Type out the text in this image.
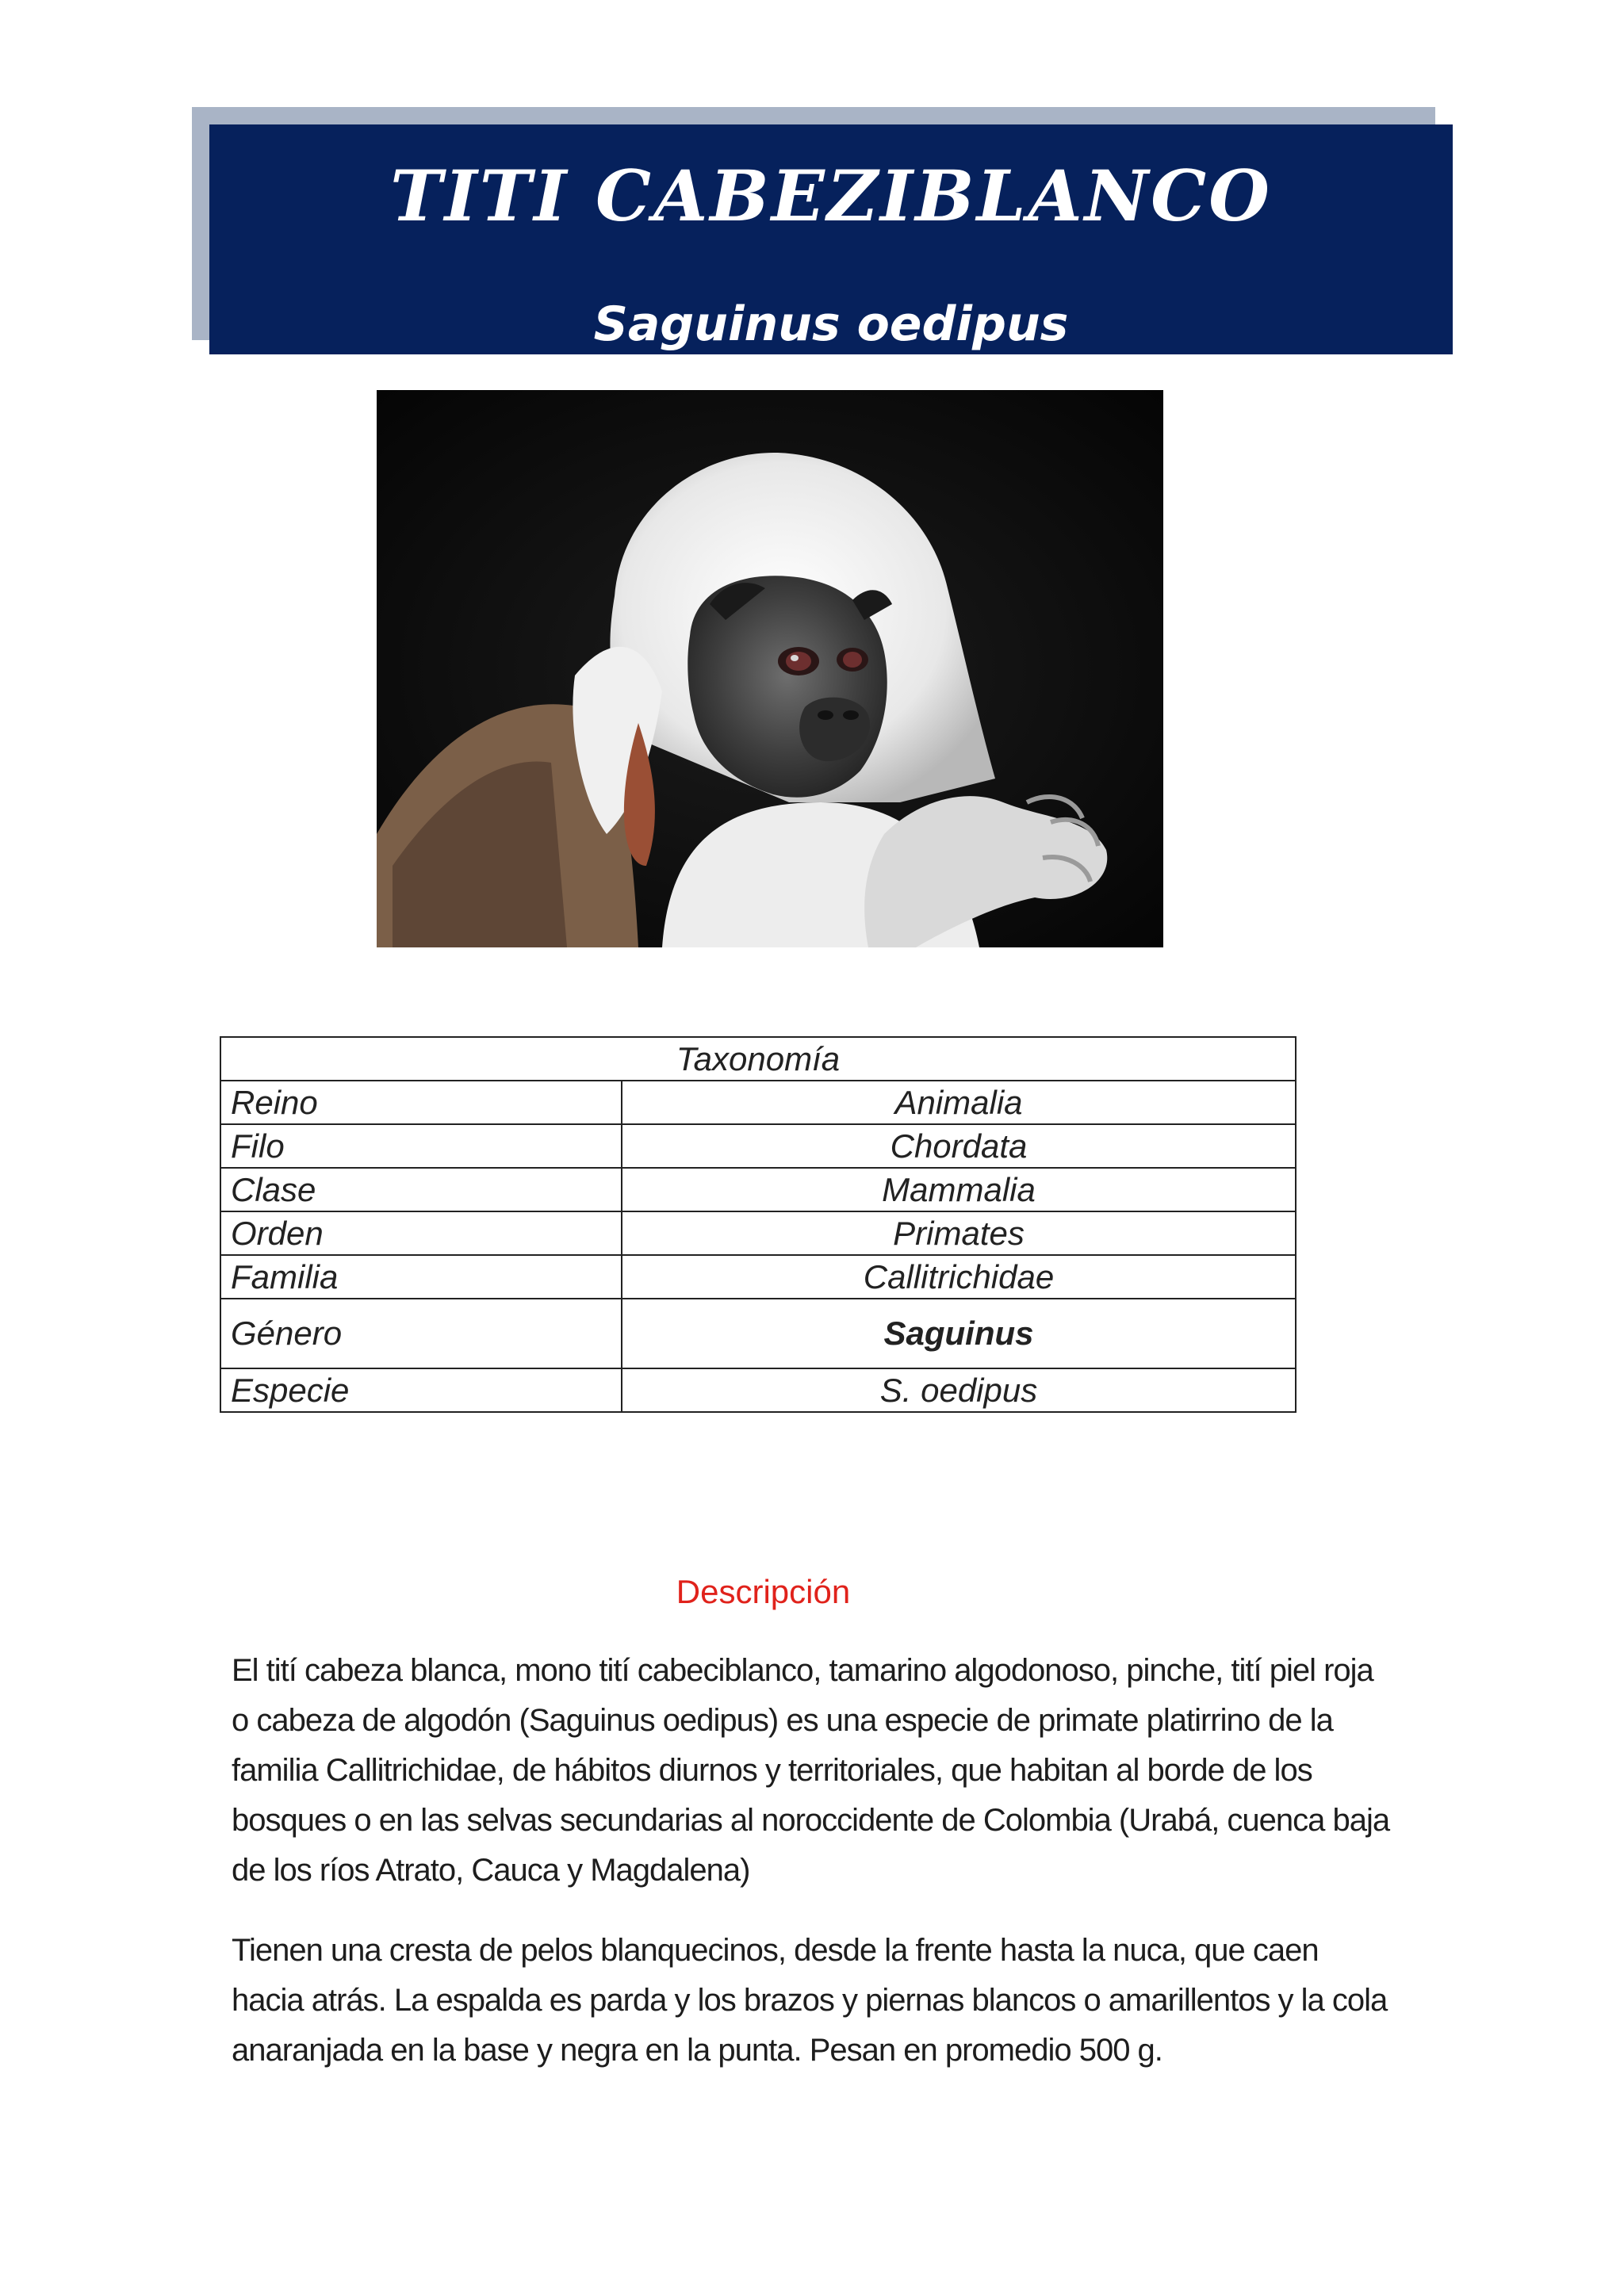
TITI CABEZIBLANCO
Saguinus oedipus
Taxonomía	
Reino	Animalia
Filo	Chordata
Clase	Mammalia
Orden	Primates
Familia	Callitrichidae
Género	Saguinus
Especie	S. oedipus
Descripción

El tití cabeza blanca, mono tití cabeciblanco, tamarino algodonoso, pinche, tití piel roja o cabeza de algodón (Saguinus oedipus) es una especie de primate platirrino de la familia Callitrichidae, de hábitos diurnos y territoriales, que habitan al borde de los bosques o en las selvas secundarias al noroccidente de Colombia (Urabá, cuenca baja de los ríos Atrato, Cauca y Magdalena)

Tienen una cresta de pelos blanquecinos, desde la frente hasta la nuca, que caen hacia atrás. La espalda es parda y los brazos y piernas blancos o amarillentos y la cola anaranjada en la base y negra en la punta. Pesan en promedio 500 g.
